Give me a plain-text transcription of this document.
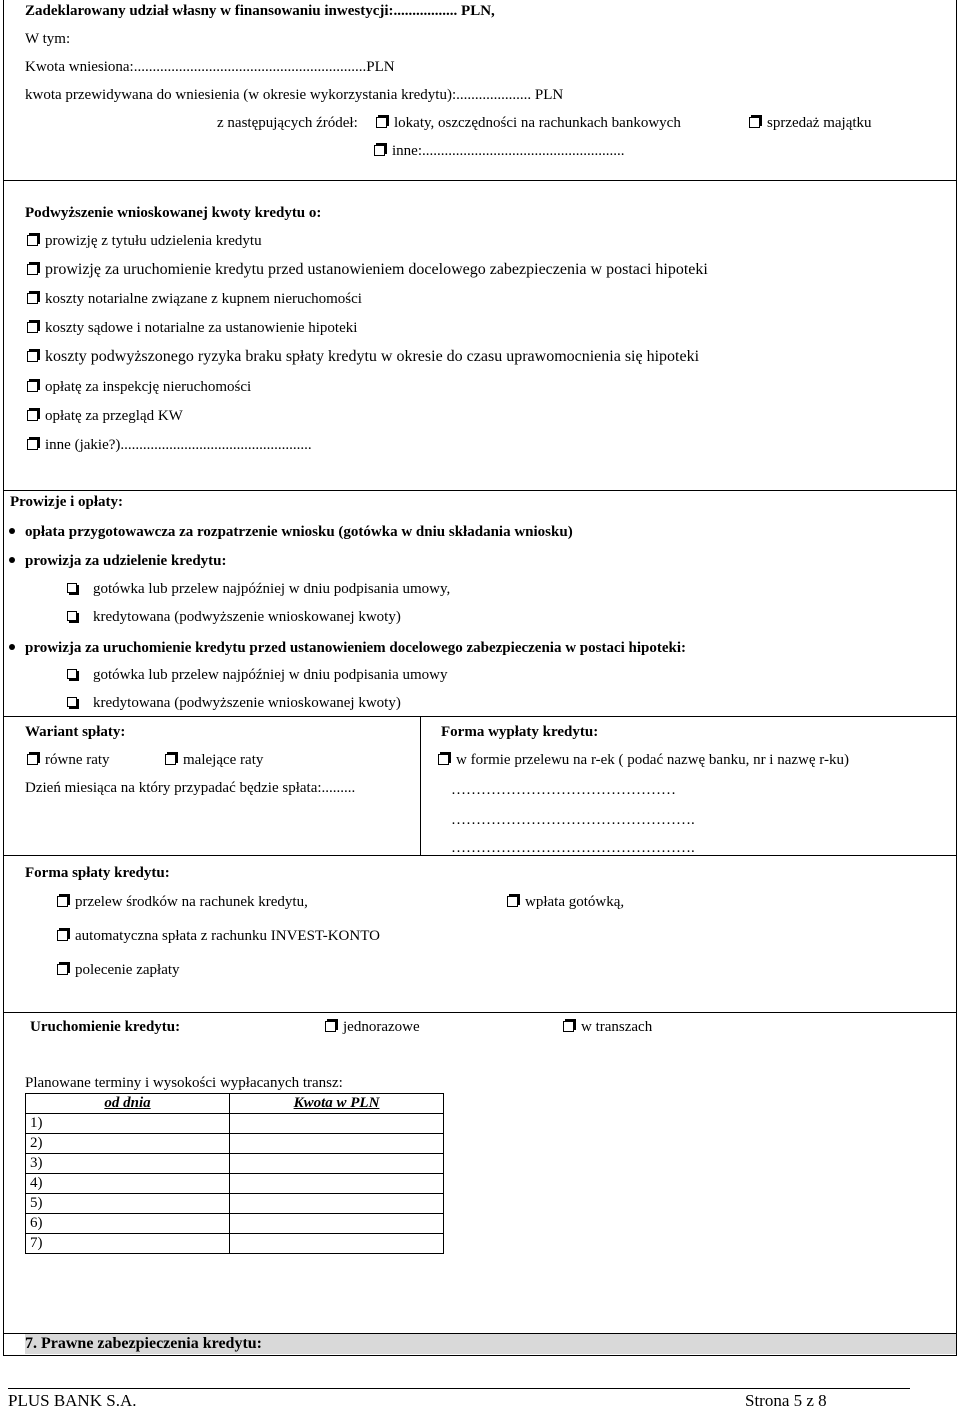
Zadeklarowany udział własny w finansowaniu inwestycji:................. PLN,
W tym:
Kwota wniesiona:..............................................................PLN
kwota przewidywana do wniesienia (w okresie wykorzystania kredytu):.................... PLN
z następujących źródeł:	lokaty, oszczędności na rachunkach bankowych	sprzedaż majątku
inne:......................................................
Podwyższenie wnioskowanej kwoty kredytu o:
prowizję z tytułu udzielenia kredytu
prowizję za uruchomienie kredytu przed ustanowieniem docelowego zabezpieczenia w postaci hipoteki
koszty notarialne związane z kupnem nieruchomości
koszty sądowe i notarialne za ustanowienie hipoteki
koszty podwyższonego ryzyka braku spłaty kredytu w okresie do czasu uprawomocnienia się hipoteki
opłatę za inspekcję nieruchomości
opłatę za przegląd KW
inne (jakie?)...................................................
Prowizje i opłaty:
opłata przygotowawcza za rozpatrzenie wniosku (gotówka w dniu składania wniosku)
prowizja za udzielenie kredytu:
gotówka lub przelew najpóźniej w dniu podpisania umowy,
kredytowana (podwyższenie wnioskowanej kwoty)
prowizja za uruchomienie kredytu przed ustanowieniem docelowego zabezpieczenia w postaci hipoteki:
gotówka lub przelew najpóźniej w dniu podpisania umowy
kredytowana (podwyższenie wnioskowanej kwoty)
Wariant spłaty:
równe raty	malejące raty
Dzień miesiąca na który przypadać będzie spłata:.........
Forma wypłaty kredytu:
w formie przelewu na r-ek ( podać nazwę banku, nr i nazwę r-ku)
………………………………………
………………………………………….
………………………………………….
Forma spłaty kredytu:
przelew środków na rachunek kredytu,	wpłata gotówką,
automatyczna spłata z rachunku INVEST-KONTO
polecenie zapłaty
Uruchomienie kredytu:	jednorazowe	w transzach
Planowane terminy i wysokości wypłacanych transz:
od dnia	Kwota w PLN
1)	
2)	
3)	
4)	
5)	
6)	
7)	
7. Prawne zabezpieczenia kredytu:
PLUS BANK S.A.	Strona 5 z 8
